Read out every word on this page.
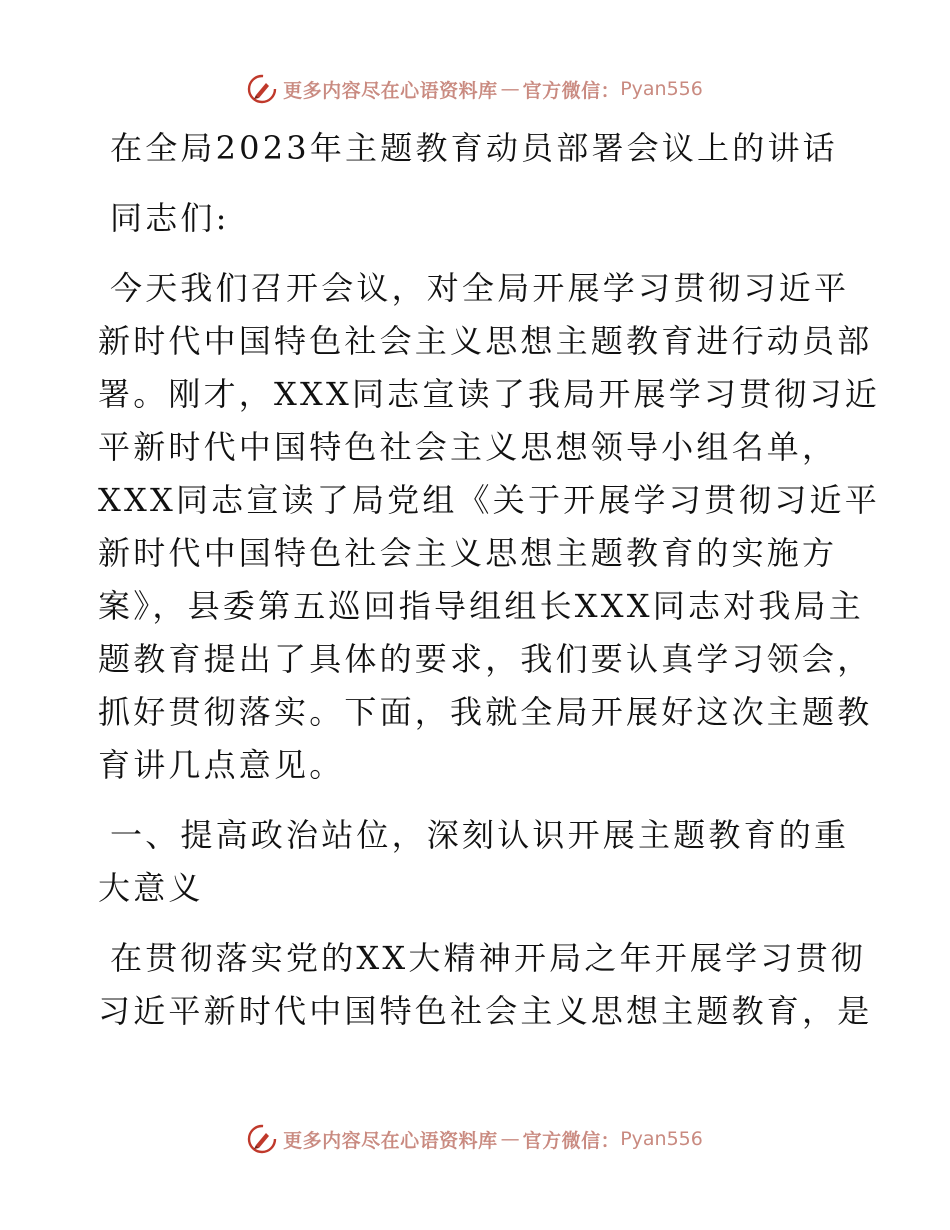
更多内容尽在心语资料库 — 官方微信： Pyan556
在全局2023年主题教育动员部署会议上的讲话
同志们:
今天我们召开会议，对全局开展学习贯彻习近平
新时代中国特色社会主义思想主题教育进行动员部
署。刚才，XXX同志宣读了我局开展学习贯彻习近
平新时代中国特色社会主义思想领导小组名单，
XXX同志宣读了局党组《关于开展学习贯彻习近平
新时代中国特色社会主义思想主题教育的实施方
案》，县委第五巡回指导组组长XXX同志对我局主
题教育提出了具体的要求，我们要认真学习领会，
抓好贯彻落实。下面，我就全局开展好这次主题教
育讲几点意见。
一、提高政治站位，深刻认识开展主题教育的重
大意义
在贯彻落实党的XX大精神开局之年开展学习贯彻
习近平新时代中国特色社会主义思想主题教育，是
更多内容尽在心语资料库 — 官方微信： Pyan556
